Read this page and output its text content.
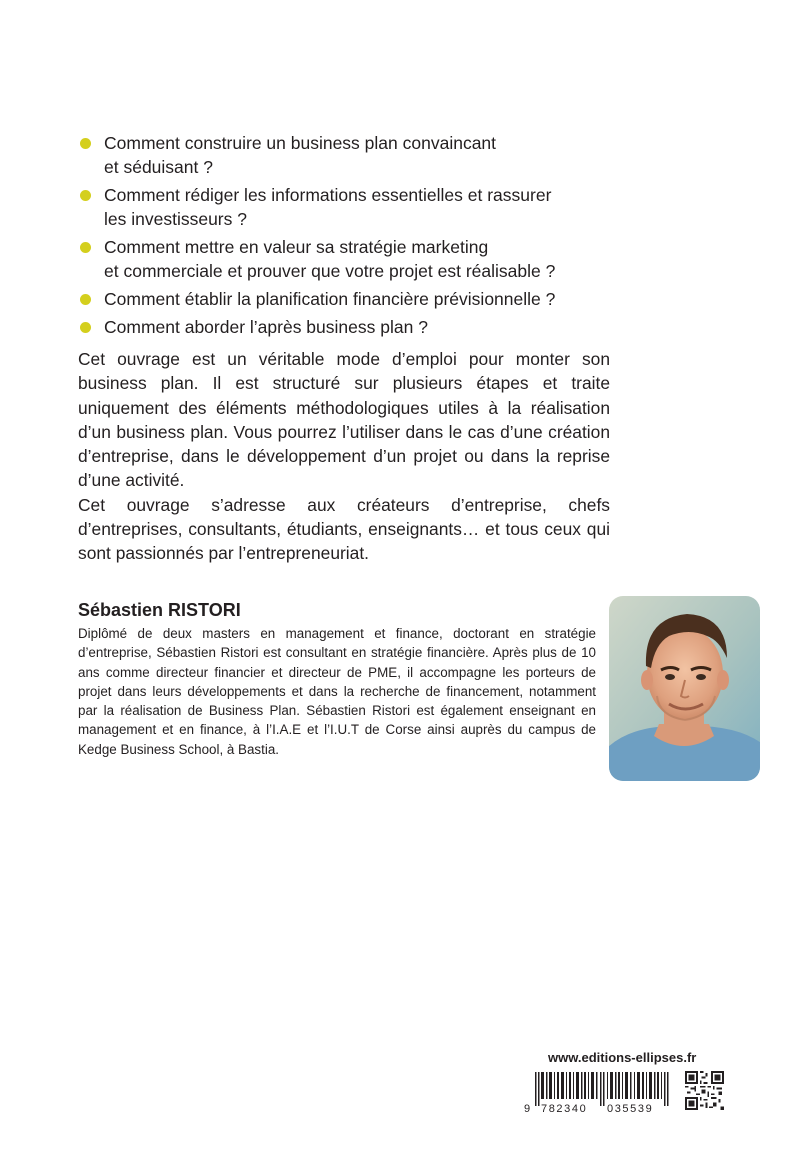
Comment construire un business plan convaincant
et séduisant ?
Comment rédiger les informations essentielles et rassurer
les investisseurs ?
Comment mettre en valeur sa stratégie marketing
et commerciale et prouver que votre projet est réalisable ?
Comment établir la planification financière prévisionnelle ?
Comment aborder l’après business plan ?

Cet ouvrage est un véritable mode d’emploi pour monter son business plan. Il est structuré sur plusieurs étapes et traite uniquement des éléments méthodologiques utiles à la réalisation d’un business plan. Vous pourrez l’utiliser dans le cas d’une création d’entreprise, dans le développement d’un projet ou dans la reprise d’une activité.

Cet ouvrage s’adresse aux créateurs d’entreprise, chefs d’entreprises, consultants, étudiants, enseignants… et tous ceux qui sont passionnés par l’entrepreneuriat.

Sébastien RISTORI
Diplômé de deux masters en management et finance, doctorant en stratégie d’entreprise, Sébastien Ristori est consultant en stratégie financière. Après plus de 10 ans comme directeur financier et directeur de PME, il accompagne les porteurs de projet dans leurs développements et dans la recherche de financement, notamment par la réalisation de Business Plan. Sébastien Ristori est également enseignant en management et en finance, à l’I.A.E et l’I.U.T de Corse ainsi auprès du campus de Kedge Business School, à Bastia.
www.editions-ellipses.fr
9 782340 035539
